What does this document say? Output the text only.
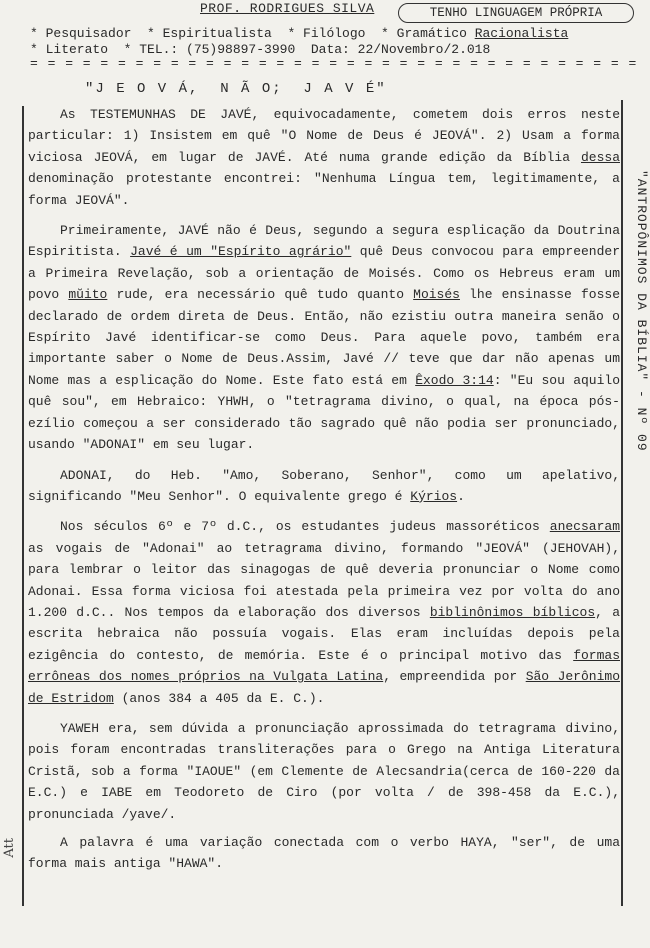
PROF. RODRIGUES SILVA	TENHO LINGUAGEM PRÓPRIA
* Pesquisador  * Espiritualista  * Filólogo  * Gramático Racionalista
* Literato  * TEL.: (75)98897-3990  Data: 22/Novembro/2.018
= = = = = = = = = = = = = = = = = = = = = = = = = = = = = = = = = = =
"J E O V Á,  N Ã O;  J A V É"

As TESTEMUNHAS DE JAVÉ, equivocadamente, cometem dois erros neste particular: 1) Insistem em quê "O Nome de Deus é JEOVÁ". 2) Usam a forma viciosa JEOVÁ, em lugar de JAVÉ. Até numa grande edição da Bíblia dessa denominação protestante encontrei: "Nenhuma Língua tem, legitimamente, a forma JEOVÁ".

Primeiramente, JAVÉ não é Deus, segundo a segura esplicação da Doutrina Espiritista. Javé é um "Espírito agrário" quê Deus convocou para empreender a Primeira Revelação, sob a orientação de Moisés. Como os Hebreus eram um povo mŭito rude, era necessário quê tudo quanto Moisés lhe ensinasse fosse declarado de ordem direta de Deus. Então, não ezistiu outra maneira senão o Espírito Javé identificar-se como Deus. Para aquele povo, também era importante saber o Nome de Deus.Assim, Javé // teve que dar não apenas um Nome mas a esplicação do Nome. Este fato está em Êxodo 3:14: "Eu sou aquilo quê sou", em Hebraico: YHWH, o "tetragrama divino, o qual, na época pós-ezílio começou a ser considerado tão sagrado quê não podia ser pronunciado, usando "ADONAI" em seu lugar.

ADONAI, do Heb. "Amo, Soberano, Senhor", como um apelativo, significando "Meu Senhor". O equivalente grego é Kýrios.

Nos séculos 6º e 7º d.C., os estudantes judeus massoréticos anecsaram as vogais de "Adonai" ao tetragrama divino, formando "JEOVÁ" (JEHOVAH), para lembrar o leitor das sinagogas de quê deveria pronunciar o Nome como Adonai. Essa forma viciosa foi atestada pela primeira vez por volta do ano 1.200 d.C.. Nos tempos da elaboração dos diversos biblinônimos bíblicos, a escrita hebraica não possuía vogais. Elas eram incluídas depois pela ezigência do contesto, de memória. Este é o principal motivo das formas errôneas dos nomes próprios na Vulgata Latina, empreendida por São Jerônimo de Estridom (anos 384 a 405 da E. C.).

YAWEH era, sem dúvida a pronunciação aprossimada do tetragrama divino, pois foram encontradas transliterações para o Grego na Antiga Literatura Cristã, sob a forma "IAOUE" (em Clemente de Alecsandria(cerca de 160-220 da E.C.) e IABE em Teodoreto de Ciro (por volta / de 398-458 da E.C.), pronunciada /yave/.

A palavra é uma variação conectada com o verbo HAYA, "ser", de uma forma mais antiga "HAWA".

"ANTROPÔNIMOS DA BÍBLIA" - Nº 09
Att
